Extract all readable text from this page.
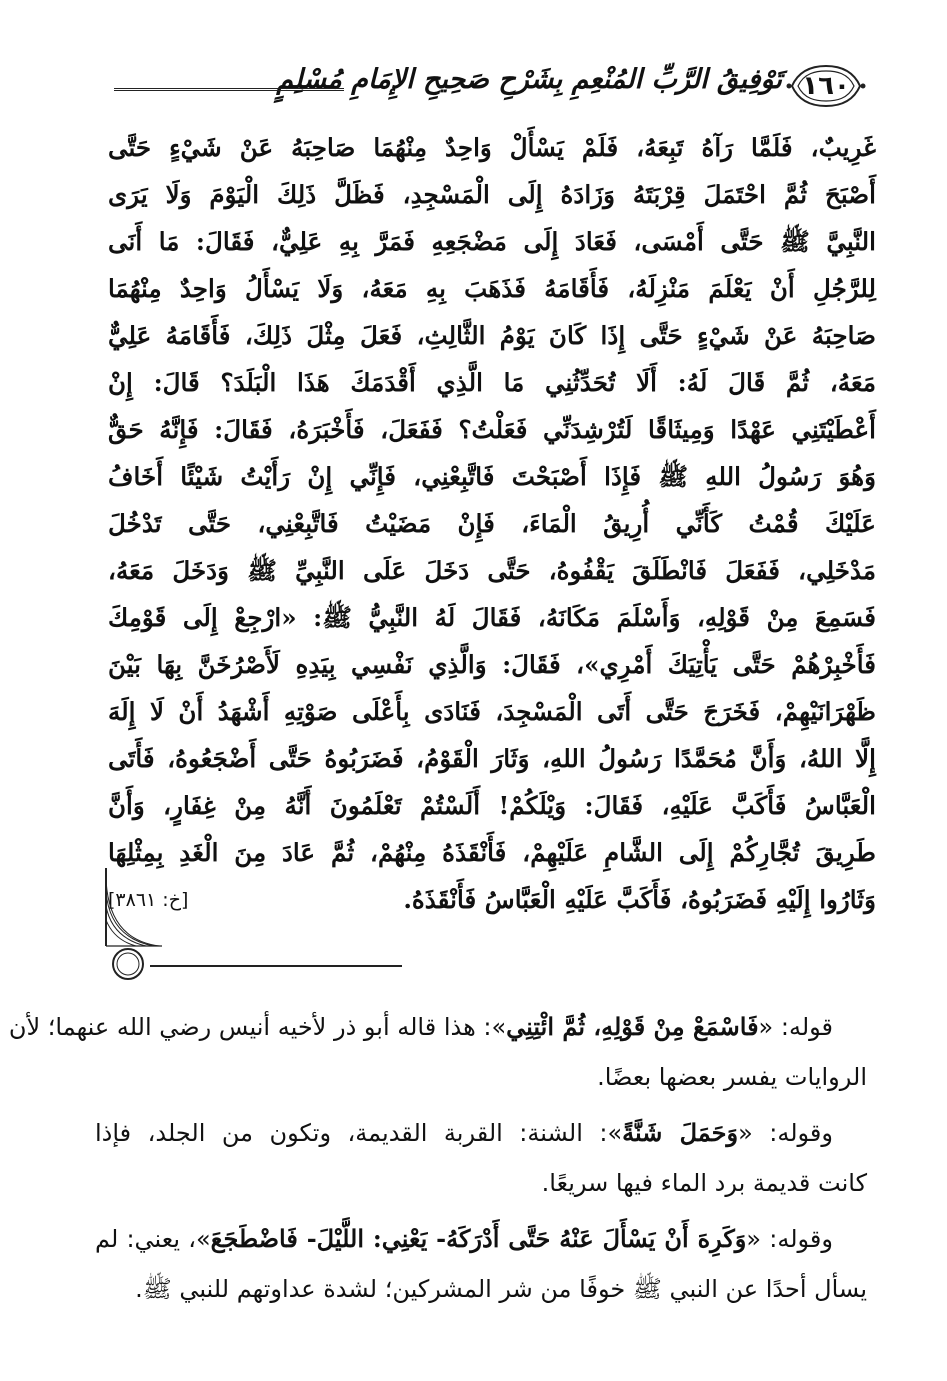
١٦٠
تَوْفِيقُ الرَّبِّ المُنْعِمِ بِشَرْحِ صَحِيحِ الإِمَامِ مُسْلِمٍ
غَرِيبٌ، فَلَمَّا رَآهُ تَبِعَهُ، فَلَمْ يَسْأَلْ وَاحِدٌ مِنْهُمَا صَاحِبَهُ عَنْ شَيْءٍ حَتَّى
أَصْبَحَ ثُمَّ احْتَمَلَ قِرْبَتَهُ وَزَادَهُ إِلَى الْمَسْجِدِ، فَظَلَّ ذَلِكَ الْيَوْمَ وَلَا يَرَى
النَّبِيَّ ﷺ حَتَّى أَمْسَى، فَعَادَ إِلَى مَضْجَعِهِ فَمَرَّ بِهِ عَلِيٌّ، فَقَالَ: مَا أَنَى
لِلرَّجُلِ أَنْ يَعْلَمَ مَنْزِلَهُ، فَأَقَامَهُ فَذَهَبَ بِهِ مَعَهُ، وَلَا يَسْأَلُ وَاحِدٌ مِنْهُمَا
صَاحِبَهُ عَنْ شَيْءٍ حَتَّى إِذَا كَانَ يَوْمُ الثَّالِثِ، فَعَلَ مِثْلَ ذَلِكَ، فَأَقَامَهُ عَلِيٌّ
مَعَهُ، ثُمَّ قَالَ لَهُ: أَلَا تُحَدِّثُنِي مَا الَّذِي أَقْدَمَكَ هَذَا الْبَلَدَ؟ قَالَ: إِنْ
أَعْطَيْتَنِي عَهْدًا وَمِيثَاقًا لَتُرْشِدَنِّي فَعَلْتُ؟ فَفَعَلَ، فَأَخْبَرَهُ، فَقَالَ: فَإِنَّهُ حَقٌّ
وَهُوَ رَسُولُ اللهِ ﷺ فَإِذَا أَصْبَحْتَ فَاتَّبِعْنِي، فَإِنِّي إِنْ رَأَيْتُ شَيْئًا أَخَافُ
عَلَيْكَ قُمْتُ كَأَنِّي أُرِيقُ الْمَاءَ، فَإِنْ مَضَيْتُ فَاتَّبِعْنِي، حَتَّى تَدْخُلَ
مَدْخَلِي، فَفَعَلَ فَانْطَلَقَ يَقْفُوهُ، حَتَّى دَخَلَ عَلَى النَّبِيِّ ﷺ وَدَخَلَ مَعَهُ،
فَسَمِعَ مِنْ قَوْلِهِ، وَأَسْلَمَ مَكَانَهُ، فَقَالَ لَهُ النَّبِيُّ ﷺ: «ارْجِعْ إِلَى قَوْمِكَ
فَأَخْبِرْهُمْ حَتَّى يَأْتِيَكَ أَمْرِي»، فَقَالَ: وَالَّذِي نَفْسِي بِيَدِهِ لَأَصْرُخَنَّ بِهَا بَيْنَ
ظَهْرَانَيْهِمْ، فَخَرَجَ حَتَّى أَتَى الْمَسْجِدَ، فَنَادَى بِأَعْلَى صَوْتِهِ أَشْهَدُ أَنْ لَا إِلَهَ
إِلَّا اللهُ، وَأَنَّ مُحَمَّدًا رَسُولُ اللهِ، وَثَارَ الْقَوْمُ، فَضَرَبُوهُ حَتَّى أَضْجَعُوهُ، فَأَتَى
الْعَبَّاسُ فَأَكَبَّ عَلَيْهِ، فَقَالَ: وَيْلَكُمْ! أَلَسْتُمْ تَعْلَمُونَ أَنَّهُ مِنْ غِفَارٍ، وَأَنَّ
طَرِيقَ تُجَّارِكُمْ إِلَى الشَّامِ عَلَيْهِمْ، فَأَنْقَذَهُ مِنْهُمْ، ثُمَّ عَادَ مِنَ الْغَدِ بِمِثْلِهَا
وَثَارُوا إِلَيْهِ فَضَرَبُوهُ، فَأَكَبَّ عَلَيْهِ الْعَبَّاسُ فَأَنْقَذَهُ.
[خ: ٣٨٦١]
قوله: «فَاسْمَعْ مِنْ قَوْلِهِ، ثُمَّ ائْتِنِي»: هذا قاله أبو ذر لأخيه أنيس رضي الله عنهما؛ لأن
الروايات يفسر بعضها بعضًا.
وقوله: «وَحَمَلَ شَنَّةً»: الشنة: القربة القديمة، وتكون من الجلد، فإذا
كانت قديمة برد الماء فيها سريعًا.
وقوله: «وَكَرِهَ أَنْ يَسْأَلَ عَنْهُ حَتَّى أَدْرَكَهُ- يَعْنِي: اللَّيْلَ- فَاضْطَجَعَ»، يعني: لم
يسأل أحدًا عن النبي ﷺ خوفًا من شر المشركين؛ لشدة عداوتهم للنبي ﷺ.
